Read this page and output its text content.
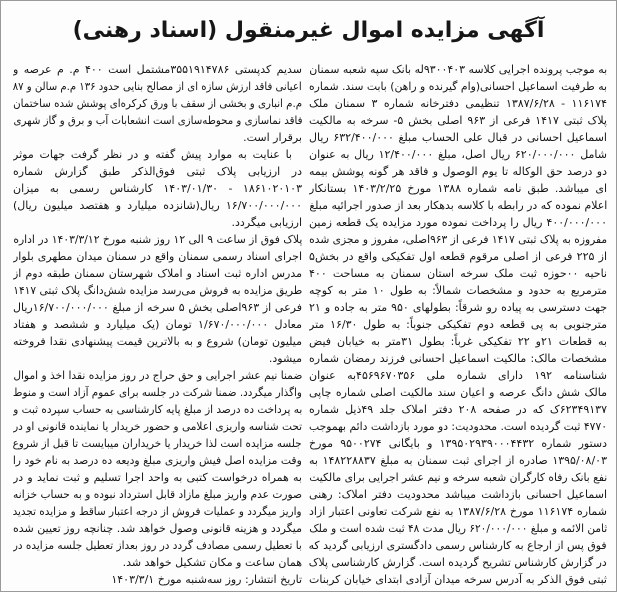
آگهی مزایده اموال غیرمنقول (اسناد رهنی)
به موجب پرونده اجرایی کلاسه ۹۳۰۰۴۰۳له بانک سپه شعبه سمنان
به طرفیت اسماعیل احسانی(وام گیرنده و راهن) بابت سند. شماره
۱۱۶۱۷۴ - ۱۳۸۷/۶/۲۸ تنظیمی دفترخانه شماره ۳ سمنان ملک
پلاک ثبتی ۱۴۱۷ فرعی از ۹۶۳ اصلی بخش ۵- سرخه به مالکیت
اسماعیل احسانی در قبال علی الحساب مبلغ ۶۳۲/۴۰۰/۰۰۰ ریال
شامل ۶۲۰/۰۰۰/۰۰۰ ریال اصل، مبلغ ۱۲/۴۰۰/۰۰۰ ریال به عنوان
دو درصد حق الوکاله تا یوم الوصول و فاقد هر گونه پوشش بیمه
ای میباشد. طبق نامه شماره ۱۳۸۸ مورخ ۱۴۰۳/۲/۲۵ بستانکار
اعلام نموده که در رابطه با کلاسه بدهکار بعد از صدور اجرائیه مبلغ
۴۰۰/۰۰۰/۰۰۰ ریال را پرداخت نموده مورد مزایده یک قطعه زمین
مفروزه به پلاک ثبتی ۱۴۱۷ فرعی از ۹۶۳اصلی، مفروز و مجزی شده
از ۲۲۵ فرعی از اصلی مرقوم قطعه اول تفکیکی واقع در بخش۵
ناحیه ۰۰حوزه ثبت ملک سرخه استان سمنان به مساحت ۴۰۰
مترمربع به حدود و مشخصات شمالاً: به طول ۱۰ متر به کوچه
جهت دسترسی به پیاده رو شرقاً: بطولهای ۹۵۰ متر به جاده و ۲۱
مترجنوبی به پی قطعه دوم تفکیکی جنوباً: به طول ۱۶/۳۰ متر
به قطعات ۲۱و ۲۲ تفکیکی غرباً: بطول ۳۱متر به خیابان فیض
مشخصات مالک: مالکیت اسماعیل احسانی فرزند رمضان شماره
شناسنامه ۱۹۲ دارای شماره ملی ۴۵۶۹۶۷۰۳۵۶به عنوان
مالک شش دانگ عرصه و اعیان سند مالکیت اصلی شماره چاپی
۶۲۳۴۹۱۳۷ک که در صفحه ۲۰۸ دفتر املاک جلد ۴۹ذیل شماره
۴۷۷۰ ثبت گردیده است. محدودیت: دو مورد بازداشت دائم بهموجب
دستور شماره ۱۳۹۵۰۲۹۳۹۰۰۰۴۴۳۲ و بایگانی ۹۵۰۰۲۷۴ مورخ
۱۳۹۵/۰۸/۰۳ صادره از اجرای ثبت سمنان به مبلغ ۱۴۸۲۲۸۸۳۷ به
نفع بانک رفاه کارگران شعبه سرخه و نیم عشر اجرایی برای مالکیت
اسماعیل احسانی بازداشت میباشد محدودیت دفتر املاک: رهنی
شماره ۱۱۶۱۷۴ مورخ ۱۳۸۷/۶/۲۸ به نفع شرکت تعاونی اعتبار ازاد
ثامن الائمه و مبلغ ۶۲۰/۰۰۰/۰۰۰ ریال مدت ۴۸ ثبت شده است و ملک
فوق پس از ارجاع به کارشناس رسمی دادگستری ارزیابی گردید که
در گزارش کارشناس تشریح گردیده است. گزارش کارشناسی پلاک
ثبتی فوق الذکر به آدرس سرخه میدان آزادی ابتدای خیابان کربنات
سدیم کدپستی ۳۵۵۱۹۱۴۷۸۶مشتمل است ۴۰۰ م. م عرصه و
اعیانی فاقد ارزش سازه ای از مصالح بنایی حدود ۱۳۶ م.م سالن و ۸۷
م.م انباری و بخشی از سقف با ورق کرکره‌ای پوشش شده ساختمان
فاقد نماسازی و محوطه‌سازی است انشعابات آب و برق و گاز شهری
برقرار است.
با عنایت به موارد پیش گفته و در نظر گرفت جهات موثر
در ارزیابی پلاک ثبتی فوق‌الذکر طبق گزارش شماره
۱۸۶۱۰۲۰۱۰۳ - ۱۴۰۳/۰۱/۳۰ کارشناس رسمی به میزان
۱۶/۷۰۰/۰۰۰/۰۰۰ ریال(شانزده میلیارد و هفتصد میلیون ریال)
ارزیابی میگردد.
پلاک فوق از ساعت ۹ الی ۱۲ روز شنبه مورخ ۱۴۰۳/۳/۱۲ در اداره
اجرای اسناد رسمی سمنان واقع در سمنان میدان مطهری بلوار
مدرس اداره ثبت اسناد و املاک شهرستان سمنان طبقه دوم از
طریق مزایده به فروش می‌رسد مزایده شش‌دانگ پلاک ثبتی ۱۴۱۷
فرعی از ۹۶۳اصلی بخش ۵ سرخه از مبلغ ۱۶/۷۰۰/۰۰۰/۰۰۰ریال
معادل ۱/۶۷۰/۰۰۰/۰۰۰ تومان (یک میلیارد و ششصد و هفتاد
میلیون تومان) شروع و به بالاترین قیمت پیشنهادی نقدا فروخته
میشود.
ضمنا نیم عشر اجرایی و حق حراج در روز مزایده نقدا اخذ و اموال
واگذار میگردد. ضمنا شرکت در جلسه برای عموم آزاد است و منوط
به پرداخت ده درصد از مبلغ پایه کارشناسی به حساب سپرده ثبت و
تحت شناسه واریزی اعلامی و حضور خریدار یا نماینده قانونی او در
جلسه مزایده است لذا خریدار یا خریداران میبایست تا قبل از شروع
وقت مزایده اصل فیش واریزی مبلغ ودیعه ده درصد به نام خود را
به همراه درخواست کتبی به واحد اجرا تسلیم و ثبت نماید و در
صورت عدم واریز مبلغ مازاد قابل استرداد نبوده و به حساب خزانه
واریز میگردد و عملیات فروش از درجه اعتبار ساقط و مزایده تجدید
میگردد و هزینه قانونی وصول خواهد شد. چنانچه روز تعیین شده
با تعطیل رسمی مصادف گردد در روز بعداز تعطیل جلسه مزایده در
همان ساعت و مکان تشکیل خواهد شد.
تاریخ انتشار: روز سه‌شنبه مورخ ۱۴۰۳/۳/۱
